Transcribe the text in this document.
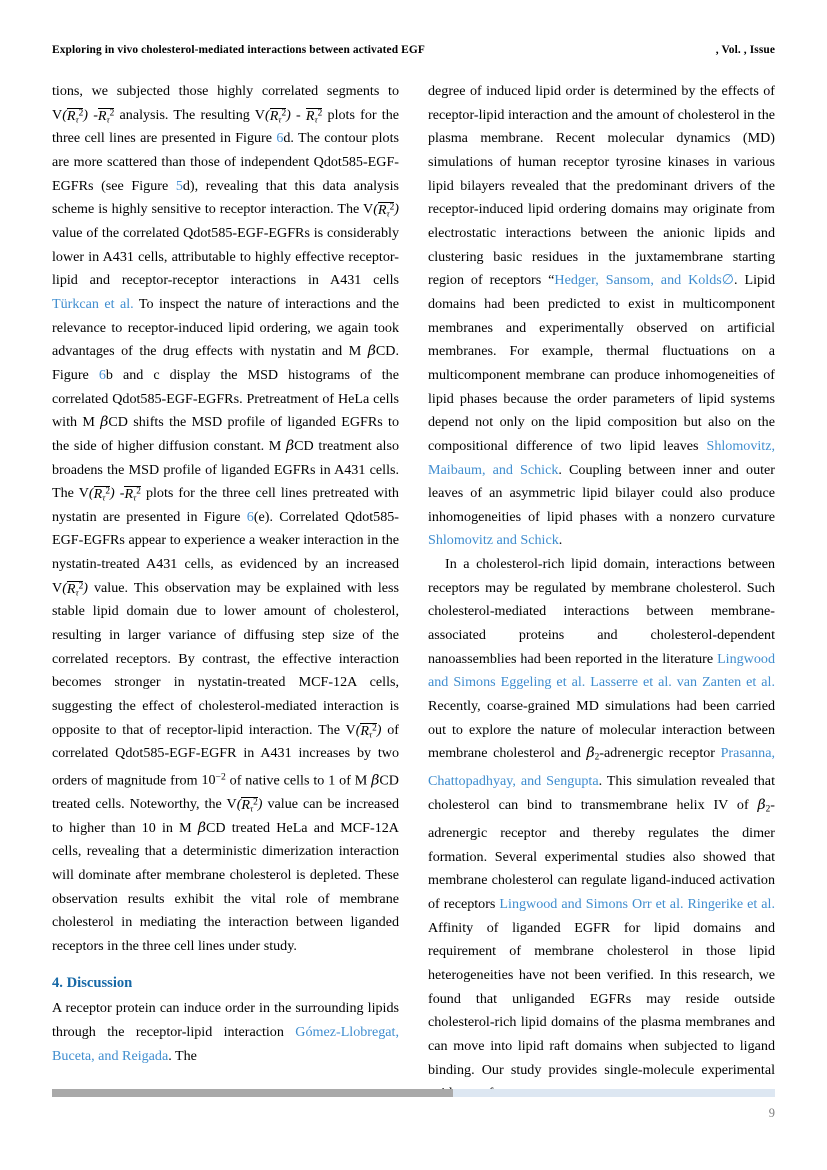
Exploring in vivo cholesterol-mediated interactions between activated EGF	, Vol. , Issue

tions, we subjected those highly correlated segments to $V(R_\tau^2)$ $-R_\tau^2$ analysis. The resulting $V(R_\tau^2) - R_\tau^2$ plots for the three cell lines are presented in Figure 6d. The contour plots are more scattered than those of independent Qdot585-EGF-EGFRs (see Figure 5d), revealing that this data analysis scheme is highly sensitive to receptor interaction. The $V(R_\tau^2)$ value of the correlated Qdot585-EGF-EGFRs is considerably lower in A431 cells, attributable to highly effective receptor-lipid and receptor-receptor interactions in A431 cells Türkcan et al. To inspect the nature of interactions and the relevance to receptor-induced lipid ordering, we again took advantages of the drug effects with nystatin and M βCD. Figure 6b and c display the MSD histograms of the correlated Qdot585-EGF-EGFRs. Pretreatment of HeLa cells with M βCD shifts the MSD profile of liganded EGFRs to the side of higher diffusion constant. M βCD treatment also broadens the MSD profile of liganded EGFRs in A431 cells. The $V(R_\tau^2)$ $-R_\tau^2$ plots for the three cell lines pretreated with nystatin are presented in Figure 6(e). Correlated Qdot585-EGF-EGFRs appear to experience a weaker interaction in the nystatin-treated A431 cells, as evidenced by an increased $V(R_\tau^2)$ value. This observation may be explained with less stable lipid domain due to lower amount of cholesterol, resulting in larger variance of diffusing step size of the correlated receptors. By contrast, the effective interaction becomes stronger in nystatin-treated MCF-12A cells, suggesting the effect of cholesterol-mediated interaction is opposite to that of receptor-lipid interaction. The $V(R_\tau^2)$ of correlated Qdot585-EGF-EGFR in A431 increases by two orders of magnitude from $10^{-2}$ of native cells to 1 of M βCD treated cells. Noteworthy, the $V(R_\tau^2)$ value can be increased to higher than 10 in M βCD treated HeLa and MCF-12A cells, revealing that a deterministic dimerization interaction will dominate after membrane cholesterol is depleted. These observation results exhibit the vital role of membrane cholesterol in mediating the interaction between liganded receptors in the three cell lines under study.

4. Discussion

A receptor protein can induce order in the surrounding lipids through the receptor-lipid interaction Gómez-Llobregat, Buceta, and Reigada. The

degree of induced lipid order is determined by the effects of receptor-lipid interaction and the amount of cholesterol in the plasma membrane. Recent molecular dynamics (MD) simulations of human receptor tyrosine kinases in various lipid bilayers revealed that the predominant drivers of the receptor-induced lipid ordering domains may originate from electrostatic interactions between the anionic lipids and clustering basic residues in the juxtamembrane starting region of receptors “Hedger, Sansom, and Kolds∅. Lipid domains had been predicted to exist in multicomponent membranes and experimentally observed on artificial membranes. For example, thermal fluctuations on a multicomponent membrane can produce inhomogeneities of lipid phases because the order parameters of lipid systems depend not only on the lipid composition but also on the compositional difference of two lipid leaves Shlomovitz, Maibaum, and Schick. Coupling between inner and outer leaves of an asymmetric lipid bilayer could also produce inhomogeneities of lipid phases with a nonzero curvature Shlomovitz and Schick.

In a cholesterol-rich lipid domain, interactions between receptors may be regulated by membrane cholesterol. Such cholesterol-mediated interactions between membrane-associated proteins and cholesterol-dependent nanoassemblies had been reported in the literature Lingwood and Simons Eggeling et al. Lasserre et al. van Zanten et al. Recently, coarse-grained MD simulations had been carried out to explore the nature of molecular interaction between membrane cholesterol and $\beta_2$-adrenergic receptor Prasanna, Chattopadhyay, and Sengupta. This simulation revealed that cholesterol can bind to transmembrane helix IV of $\beta_2$-adrenergic receptor and thereby regulates the dimer formation. Several experimental studies also showed that membrane cholesterol can regulate ligand-induced activation of receptors Lingwood and Simons Orr et al. Ringerike et al. Affinity of liganded EGFR for lipid domains and requirement of membrane cholesterol in those lipid heterogeneities have not been verified. In this research, we found that unliganded EGFRs may reside outside cholesterol-rich lipid domains of the plasma membranes and can move into lipid raft domains when subjected to ligand binding. Our study provides single-molecule experimental

9
